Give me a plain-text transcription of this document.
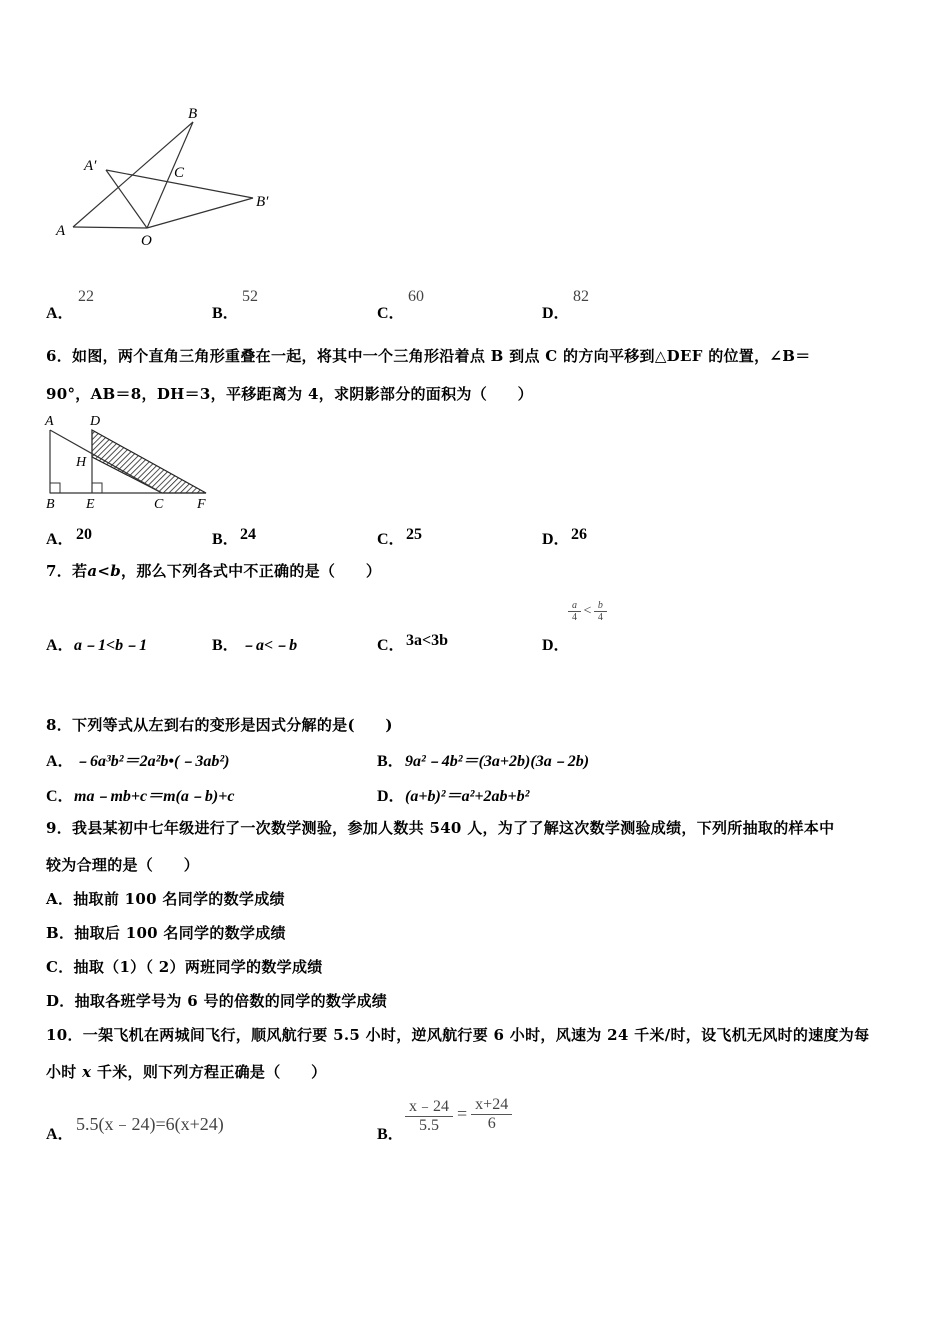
B
A′	C
B′
A
O
A．
22
B．
52
C．
60
D．
82
6．如图，两个直角三角形重叠在一起，将其中一个三角形沿着点 B 到点 C 的方向平移到△DEF 的位置，∠B＝
90°，AB＝8，DH＝3，平移距离为 4，求阴影部分的面积为（　　）
A	D
H
B E	C F
A． 20	B． 24	C． 25	D． 26
7．若a<b，那么下列各式中不正确的是（　　）
A． a﹣1<b﹣1	B． ﹣a<﹣b	C． 3a<3b	D．
$\frac{a}{4} < \frac{b}{4}$
8．下列等式从左到右的变形是因式分解的是(　　)
A． ﹣6a³b²＝2a²b•(﹣3ab²)	B． 9a²﹣4b²＝(3a+2b)(3a﹣2b)
C． ma﹣mb+c＝m(a﹣b)+c	D． (a+b)²＝a²+2ab+b²
9．我县某初中七年级进行了一次数学测验，参加人数共 540 人，为了了解这次数学测验成绩，下列所抽取的样本中
较为合理的是（　　）
A．抽取前 100 名同学的数学成绩
B．抽取后 100 名同学的数学成绩
C．抽取（1）（ 2）两班同学的数学成绩
D．抽取各班学号为 6 号的倍数的同学的数学成绩
10．一架飞机在两城间飞行，顺风航行要 5.5 小时，逆风航行要 6 小时，风速为 24 千米/时，设飞机无风时的速度为每
小时 x 千米，则下列方程正确是（　　）
A．
5.5(x﹣24)=6(x+24)
B． $\frac{x﹣24}{5.5} = \frac{x+24}{6}$
